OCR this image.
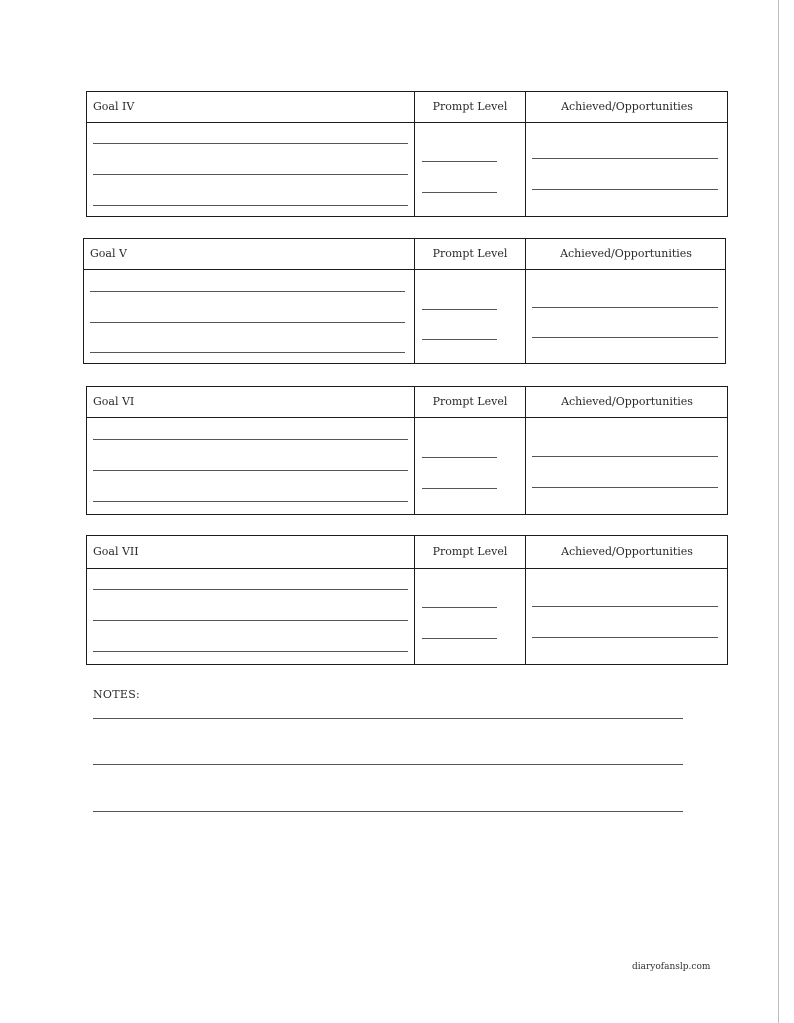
Goal IV	Prompt Level	Achieved/Opportunities
Goal V	Prompt Level	Achieved/Opportunities
Goal VI	Prompt Level	Achieved/Opportunities
Goal VII	Prompt Level	Achieved/Opportunities
NOTES:
diaryofanslp.com
